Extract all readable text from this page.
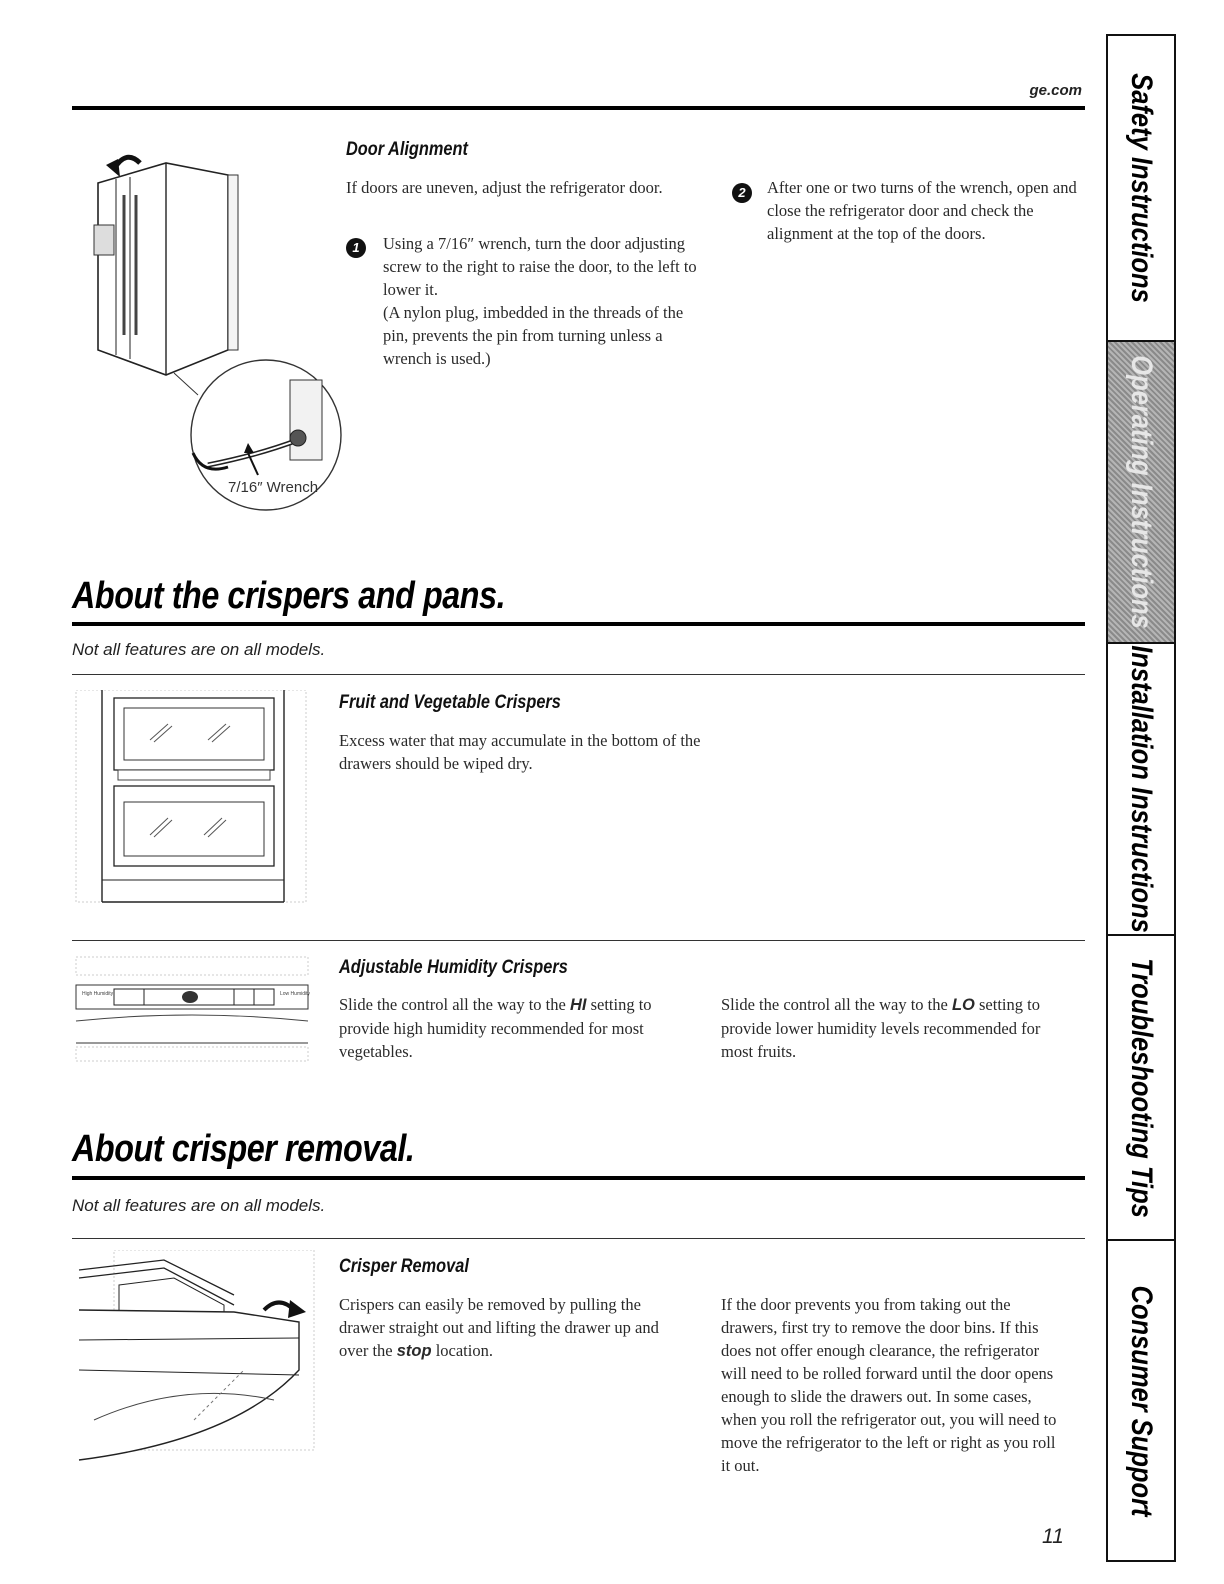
ge.com
7/16″ Wrench
Door Alignment
If doors are uneven, adjust the refrigerator door.
1	Using a 7/16″ wrench, turn the door adjusting screw to the right to raise the door, to the left to lower it.
(A nylon plug, imbedded in the threads of the pin, prevents the pin from turning unless a wrench is used.)
2	After one or two turns of the wrench, open and close the refrigerator door and check the alignment at the top of the doors.
About the crispers and pans.
Not all features are on all models.
Fruit and Vegetable Crispers
Excess water that may accumulate in the bottom of the drawers should be wiped dry.
High Humidity	Low Humidity
Adjustable Humidity Crispers
Slide the control all the way to the HI setting to provide high humidity recommended for most vegetables.
Slide the control all the way to the LO setting to provide lower humidity levels recommended for most fruits.
About crisper removal.
Not all features are on all models.
Crisper Removal
Crispers can easily be removed by pulling the drawer straight out and lifting the drawer up and over the stop location.
If the door prevents you from taking out the drawers, first try to remove the door bins. If this does not offer enough clearance, the refrigerator will need to be rolled forward until the door opens enough to slide the drawers out. In some cases, when you roll the refrigerator out, you will need to move the refrigerator to the left or right as you roll it out.
11
Safety Instructions
Operating Instructions
Installation Instructions
Troubleshooting Tips
Consumer Support
